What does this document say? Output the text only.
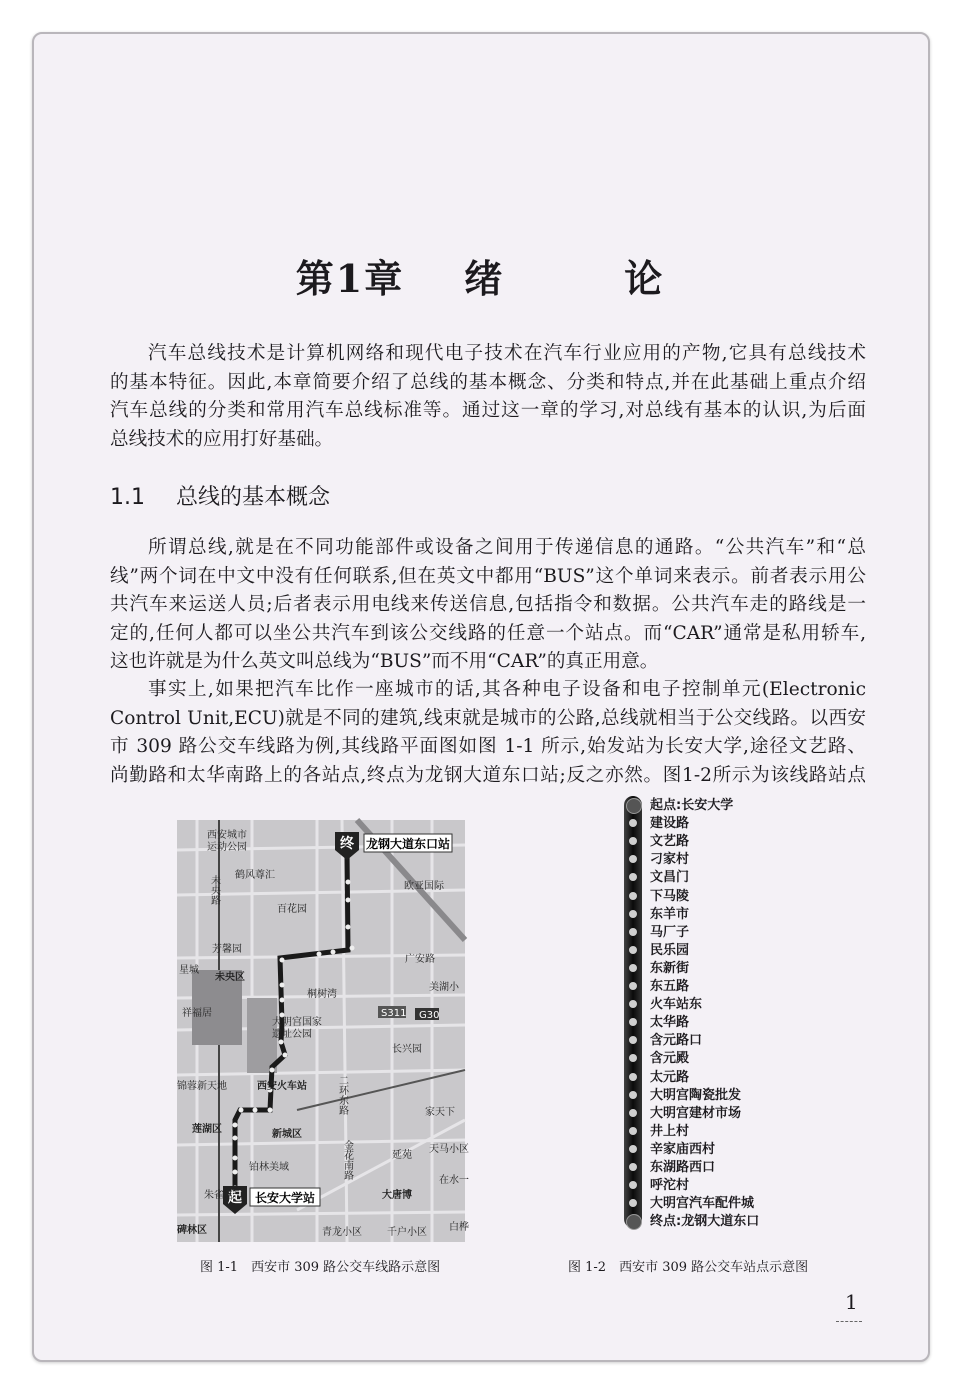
第1章 绪	论
汽车总线技术是计算机网络和现代电子技术在汽车行业应用的产物,它具有总线技术
的基本特征。因此,本章简要介绍了总线的基本概念、分类和特点,并在此基础上重点介绍
汽车总线的分类和常用汽车总线标准等。通过这一章的学习,对总线有基本的认识,为后面
总线技术的应用打好基础。
1.1 总线的基本概念
所谓总线,就是在不同功能部件或设备之间用于传递信息的通路。“公共汽车”和“总
线”两个词在中文中没有任何联系,但在英文中都用“BUS”这个单词来表示。前者表示用公
共汽车来运送人员;后者表示用电线来传送信息,包括指令和数据。公共汽车走的路线是一
定的,任何人都可以坐公共汽车到该公交线路的任意一个站点。而“CAR”通常是私用轿车,
这也许就是为什么英文叫总线为“BUS”而不用“CAR”的真正用意。
事实上,如果把汽车比作一座城市的话,其各种电子设备和电子控制单元(Electronic
Control Unit,ECU)就是不同的建筑,线束就是城市的公路,总线就相当于公交线路。以西安
市 309 路公交车线路为例,其线路平面图如图 1-1 所示,始发站为长安大学,途径文艺路、
尚勤路和太华南路上的各站点,终点为龙钢大道东口站;反之亦然。图1-2所示为该线路站点
终 龙钢大道东口站
起 长安大学站
西安城市
运动公园
鹤风尊汇
百花园
芳馨园
星城
未央区
祥福居
大明宫国家
遗址公园
桐树湾
广安路
欧亚国际
美湖小
S311 G30
长兴园
西安火车站
锦蓉新天地
莲湖区	新城区
家天下
天马小区
延苑
铂林美域
在水一
朱雀区	大唐博
碑林区	青龙小区	千户小区 白桦
未央路
二环东路
金花南路
起点:长安大学
建设路
文艺路
刁家村
文昌门
下马陵
东羊市
马厂子
民乐园
东新街
东五路
火车站东
太华路
含元路口
含元殿
太元路
大明宫陶瓷批发
大明宫建材市场
井上村
辛家庙西村
东湖路西口
呼沱村
大明宫汽车配件城
终点:龙钢大道东口
图 1-1　西安市 309 路公交车线路示意图	图 1-2　西安市 309 路公交车站点示意图
1
